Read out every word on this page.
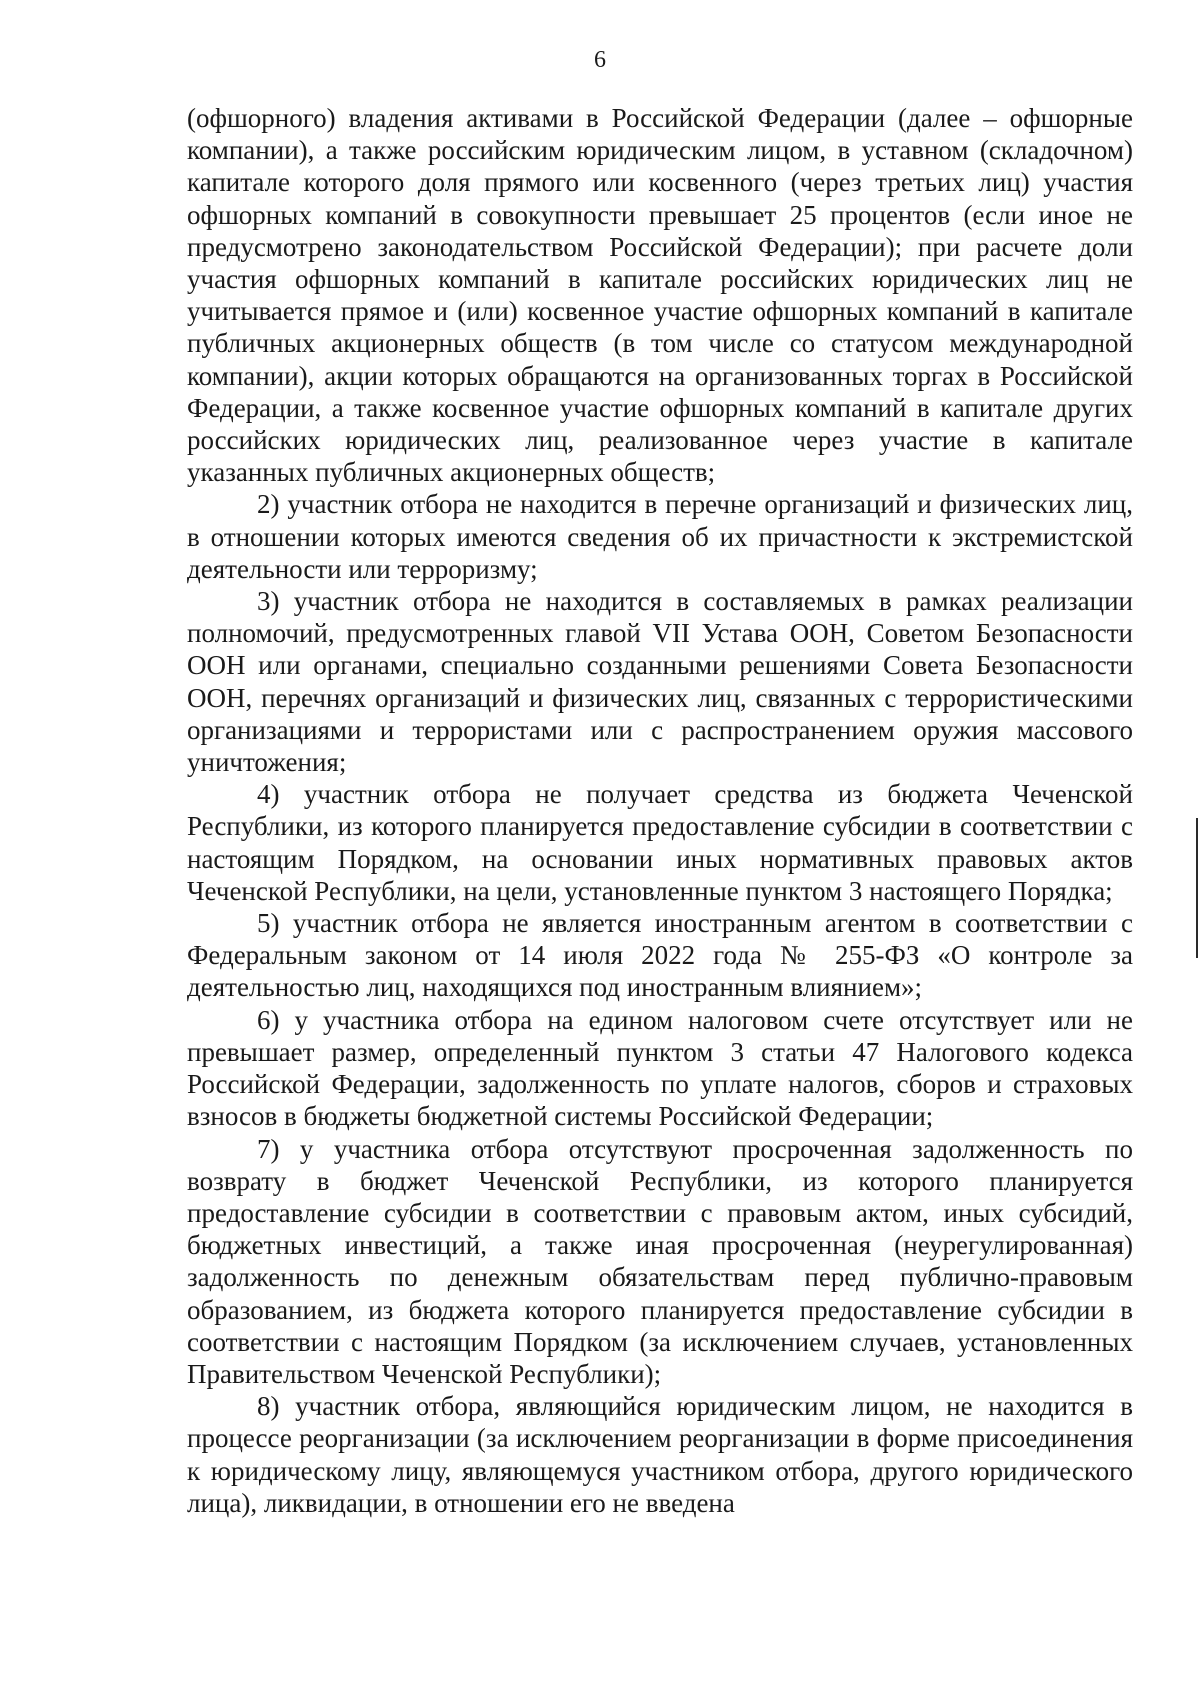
6

(офшорного) владения активами в Российской Федерации (далее – офшорные компании), а также российским юридическим лицом, в уставном (складочном) капитале которого доля прямого или косвенного (через третьих лиц) участия офшорных компаний в совокупности превышает 25 процентов (если иное не предусмотрено законодательством Российской Федерации); при расчете доли участия офшорных компаний в капитале российских юридических лиц не учитывается прямое и (или) косвенное участие офшорных компаний в капитале публичных акционерных обществ (в том числе со статусом международной компании), акции которых обращаются на организованных торгах в Российской Федерации, а также косвенное участие офшорных компаний в капитале других российских юридических лиц, реализованное через участие в капитале указанных публичных акционерных обществ;

2) участник отбора не находится в перечне организаций и физических лиц, в отношении которых имеются сведения об их причастности к экстремистской деятельности или терроризму;

3) участник отбора не находится в составляемых в рамках реализации полномочий, предусмотренных главой VII Устава ООН, Советом Безопасности ООН или органами, специально созданными решениями Совета Безопасности ООН, перечнях организаций и физических лиц, связанных с террористическими организациями и террористами или с распространением оружия массового уничтожения;

4) участник отбора не получает средства из бюджета Чеченской Республики, из которого планируется предоставление субсидии в соответствии с настоящим Порядком, на основании иных нормативных правовых актов Чеченской Республики, на цели, установленные пунктом 3 настоящего Порядка;

5) участник отбора не является иностранным агентом в соответствии с Федеральным законом от 14 июля 2022 года № 255-ФЗ «О контроле за деятельностью лиц, находящихся под иностранным влиянием»;

6) у участника отбора на едином налоговом счете отсутствует или не превышает размер, определенный пунктом 3 статьи 47 Налогового кодекса Российской Федерации, задолженность по уплате налогов, сборов и страховых взносов в бюджеты бюджетной системы Российской Федерации;

7) у участника отбора отсутствуют просроченная задолженность по возврату в бюджет Чеченской Республики, из которого планируется предоставление субсидии в соответствии с правовым актом, иных субсидий, бюджетных инвестиций, а также иная просроченная (неурегулированная) задолженность по денежным обязательствам перед публично-правовым образованием, из бюджета которого планируется предоставление субсидии в соответствии с настоящим Порядком (за исключением случаев, установленных Правительством Чеченской Республики);

8) участник отбора, являющийся юридическим лицом, не находится в процессе реорганизации (за исключением реорганизации в форме присоединения к юридическому лицу, являющемуся участником отбора, другого юридического лица), ликвидации, в отношении его не введена
